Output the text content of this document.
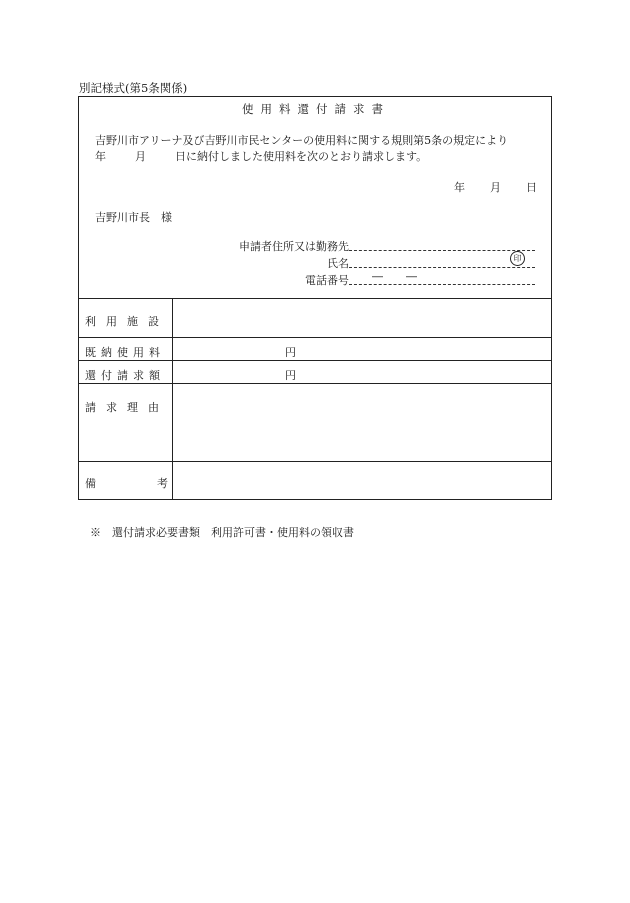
別記様式(第5条関係)
使用料還付請求書
吉野川市アリーナ及び吉野川市民センターの使用料に関する規則第5条の規定により
年	月	日に納付しました使用料を次のとおり請求します。
年 月 日
吉野川市長　様
申請者住所又は勤務先
氏名	印
電話番号 ― ―
利用施設
既納使用料	円
還付請求額	円
請求理由
備	考
※　還付請求必要書類　利用許可書・使用料の領収書
